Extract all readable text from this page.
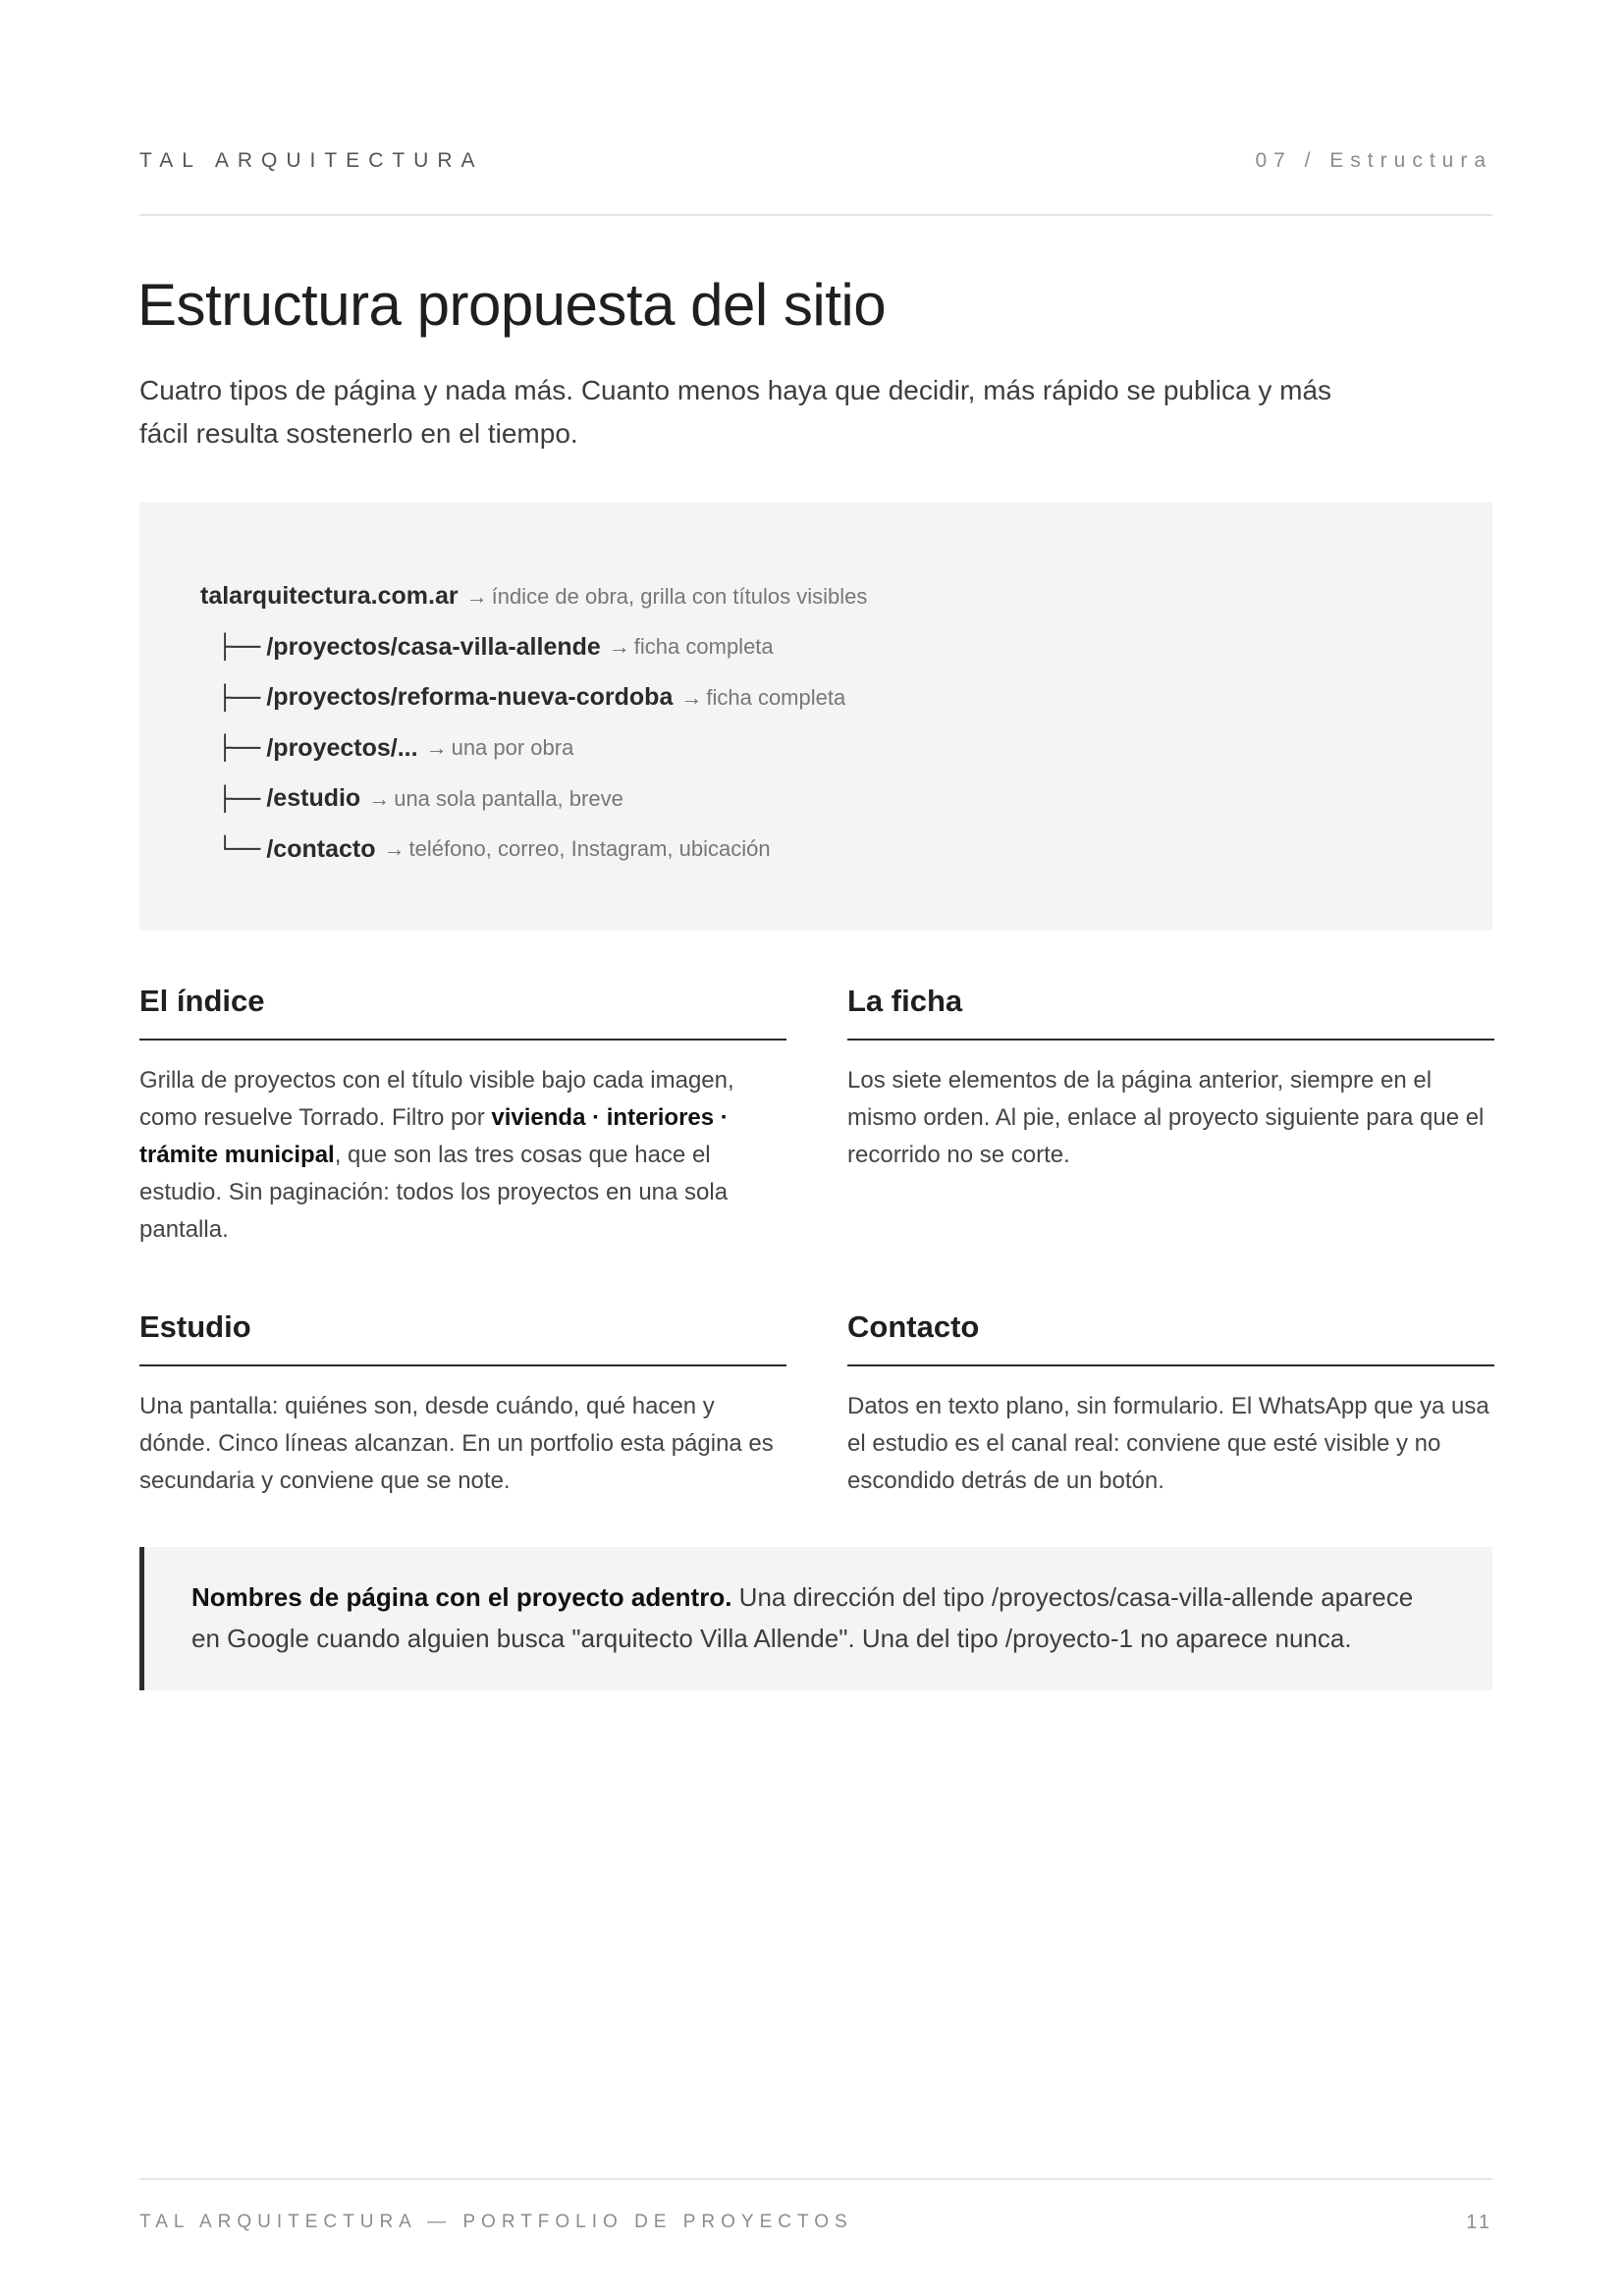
TAL ARQUITECTURA	07 / Estructura
Estructura propuesta del sitio

Cuatro tipos de página y nada más. Cuanto menos haya que decidir, más rápido se publica y más fácil resulta sostenerlo en el tiempo.

talarquitectura.com.ar → índice de obra, grilla con títulos visibles
├── /proyectos/casa-villa-allende → ficha completa
├── /proyectos/reforma-nueva-cordoba → ficha completa
├── /proyectos/... → una por obra
├── /estudio → una sola pantalla, breve
└── /contacto → teléfono, correo, Instagram, ubicación
El índice

Grilla de proyectos con el título visible bajo cada imagen, como resuelve Torrado. Filtro por vivienda · interiores · trámite municipal, que son las tres cosas que hace el estudio. Sin paginación: todos los proyectos en una sola pantalla.

La ficha

Los siete elementos de la página anterior, siempre en el mismo orden. Al pie, enlace al proyecto siguiente para que el recorrido no se corte.

Estudio

Una pantalla: quiénes son, desde cuándo, qué hacen y dónde. Cinco líneas alcanzan. En un portfolio esta página es secundaria y conviene que se note.

Contacto

Datos en texto plano, sin formulario. El WhatsApp que ya usa el estudio es el canal real: conviene que esté visible y no escondido detrás de un botón.

Nombres de página con el proyecto adentro. Una dirección del tipo /proyectos/casa-villa-allende aparece en Google cuando alguien busca "arquitecto Villa Allende". Una del tipo /proyecto-1 no aparece nunca.
TAL ARQUITECTURA — PORTFOLIO DE PROYECTOS	11
